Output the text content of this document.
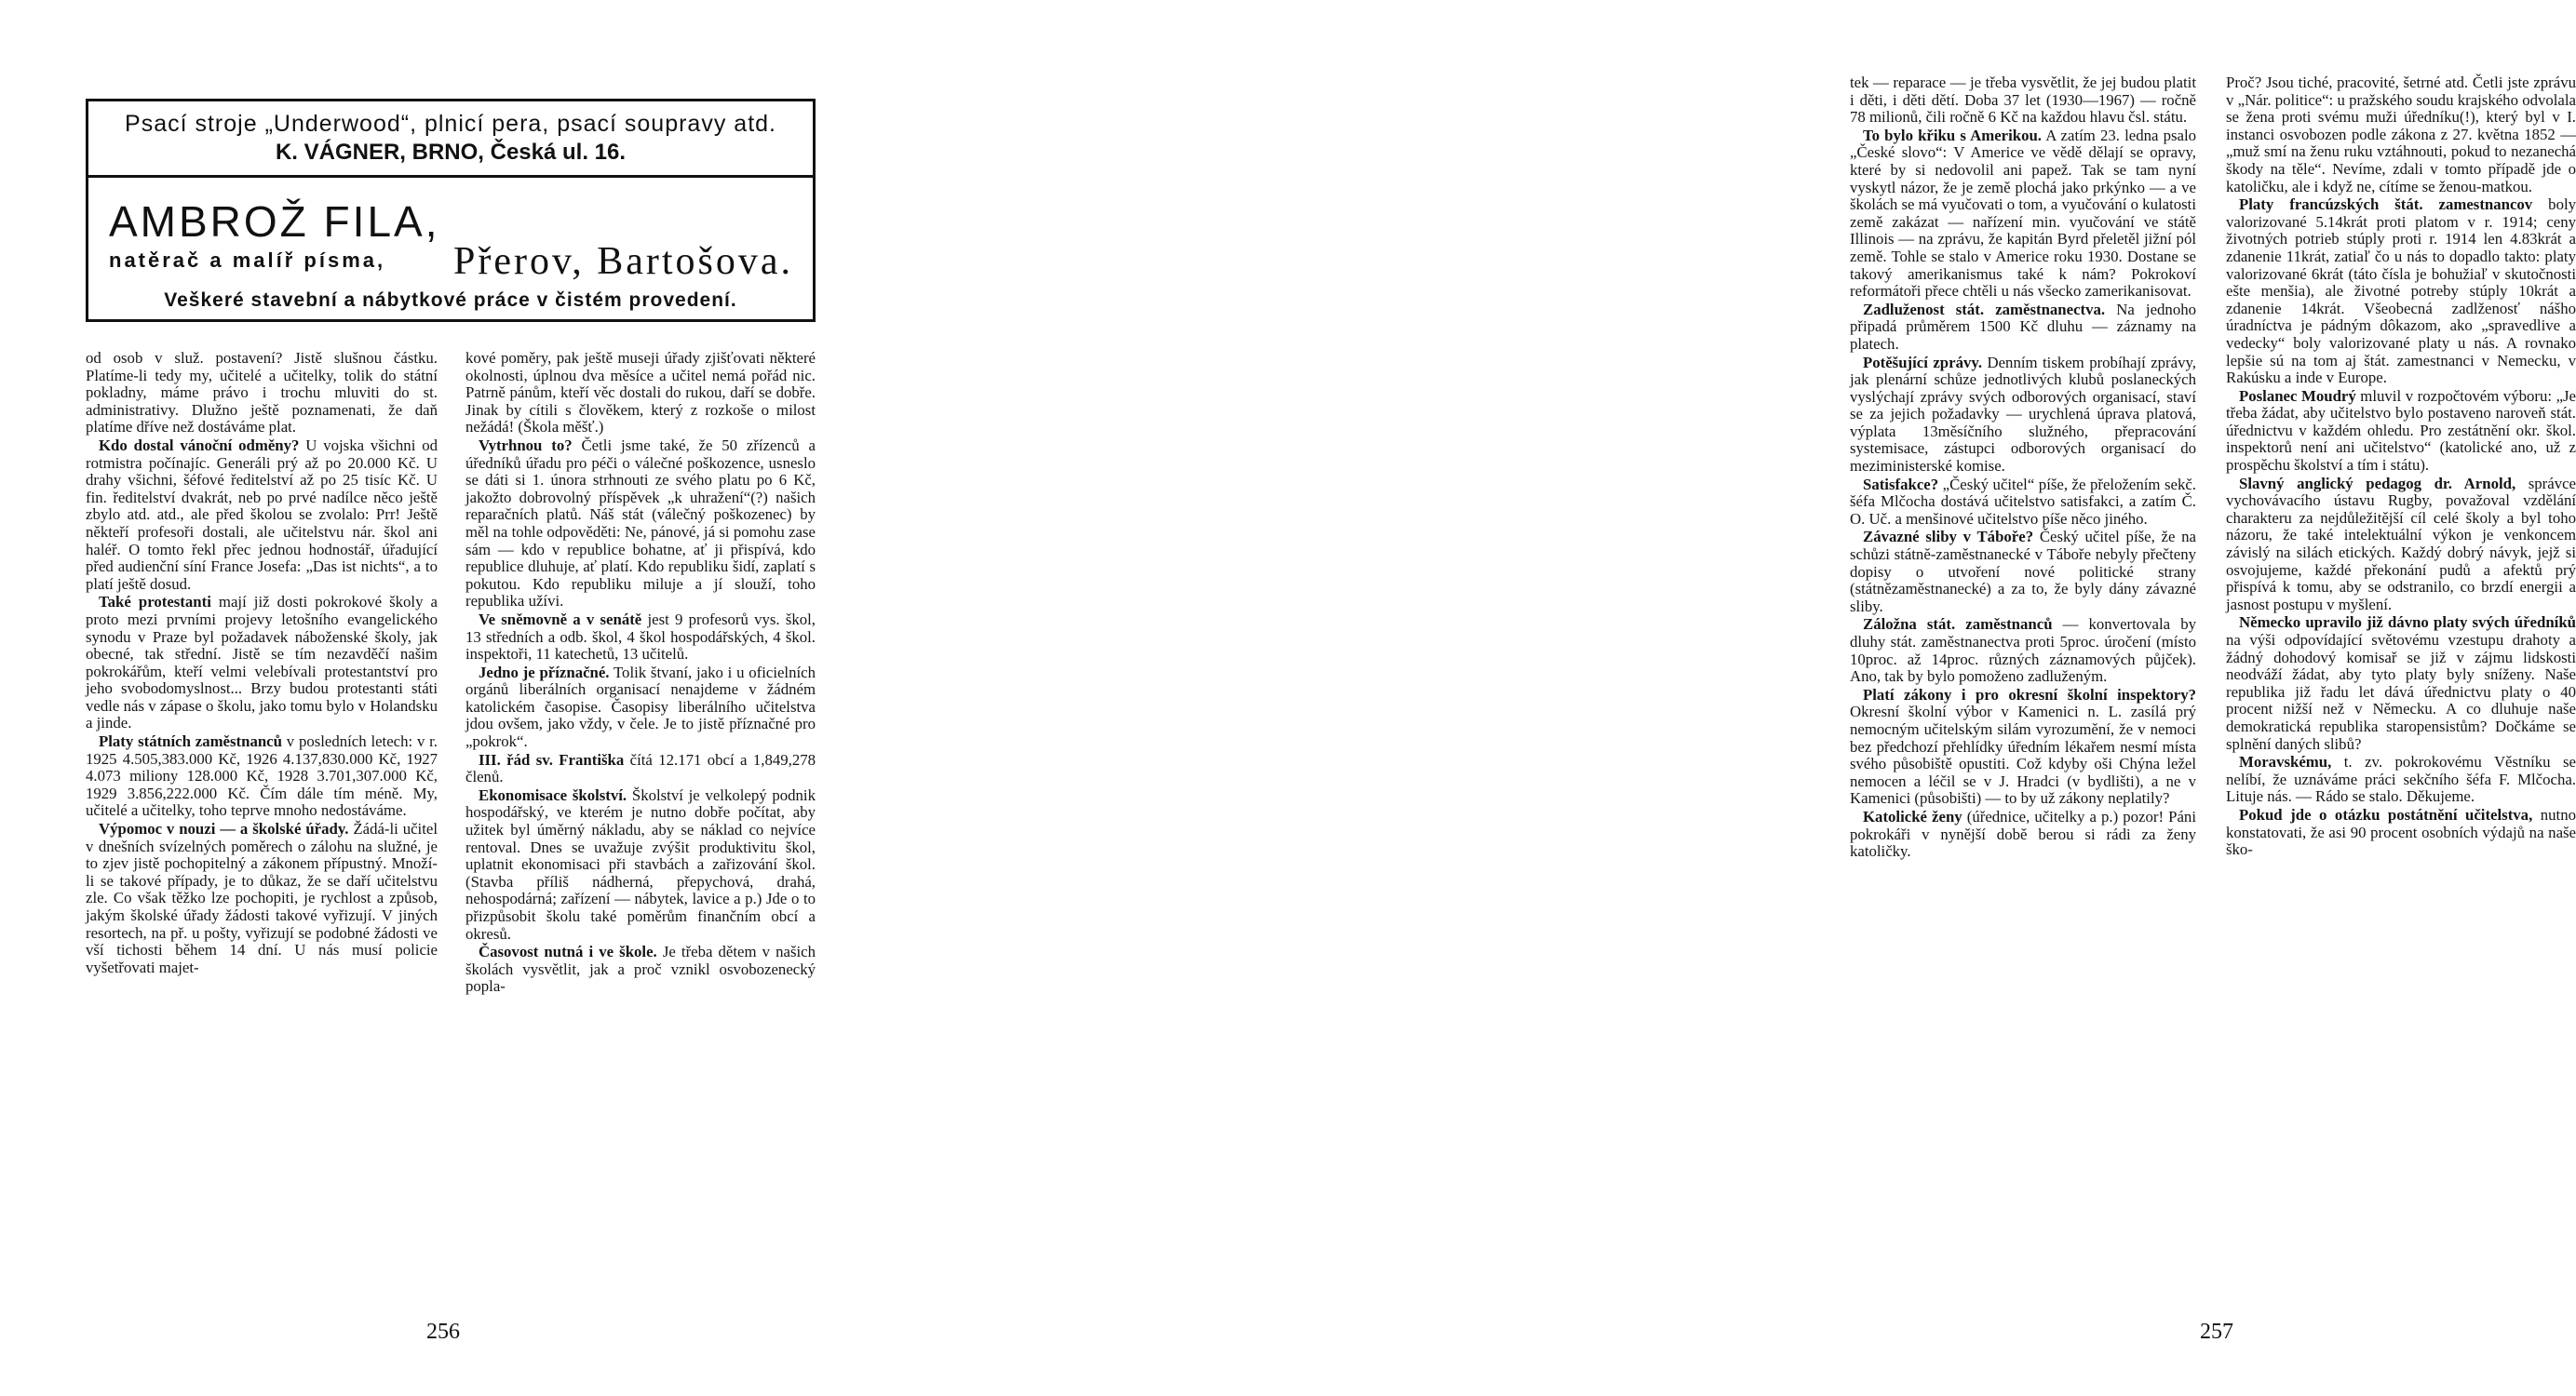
Psací stroje „Underwood“, plnicí pera, psací soupravy atd.
K. VÁGNER, BRNO, Česká ul. 16.
AMBROŽ FILA,
natěrač a malíř písma, Přerov, Bartošova.
Veškeré stavební a nábytkové práce v čistém provedení.

od osob v služ. postavení? Jistě slušnou částku. Platíme-li tedy my, učitelé a učitelky, tolik do státní pokladny, máme právo i trochu mluviti do st. administrativy. Dlužno ještě poznamenati, že daň platíme dříve než dostáváme plat.

Kdo dostal vánoční odměny? U vojska všichni od rotmistra počínajíc. Generáli prý až po 20.000 Kč. U drahy všichni, šéfové ředitelství až po 25 tisíc Kč. U fin. ředitelství dvakrát, neb po prvé nadílce něco ještě zbylo atd. atd., ale před školou se zvolalo: Prr! Ještě někteří profesoři dostali, ale učitelstvu nár. škol ani haléř. O tomto řekl přec jednou hodnostář, úřadující před audienční síní France Josefa: „Das ist nichts“, a to platí ještě dosud.

Také protestanti mají již dosti pokrokové školy a proto mezi prvními projevy letošního evangelického synodu v Praze byl požadavek náboženské školy, jak obecné, tak střední. Jistě se tím nezavděčí našim pokrokářům, kteří velmi velebívali protestantství pro jeho svobodomyslnost... Brzy budou protestanti státi vedle nás v zápase o školu, jako tomu bylo v Holandsku a jinde.

Platy státních zaměstnanců v posledních letech: v r. 1925 4.505,383.000 Kč, 1926 4.137,830.000 Kč, 1927 4.073 miliony 128.000 Kč, 1928 3.701,307.000 Kč, 1929 3.856,222.000 Kč. Čím dále tím méně. My, učitelé a učitelky, toho teprve mnoho nedostáváme.

Výpomoc v nouzi — a školské úřady. Žádá-li učitel v dnešních svízelných poměrech o zálohu na služné, je to zjev jistě pochopitelný a zákonem přípustný. Množí-li se takové případy, je to důkaz, že se daří učitelstvu zle. Co však těžko lze pochopiti, je rychlost a způsob, jakým školské úřady žádosti takové vyřizují. V jiných resortech, na př. u pošty, vyřizují se podobné žádosti ve vší tichosti během 14 dní. U nás musí policie vyšetřovati majet-

kové poměry, pak ještě museji úřady zjišťovati některé okolnosti, úplnou dva měsíce a učitel nemá pořád nic. Patrně pánům, kteří věc dostali do rukou, daří se dobře. Jinak by cítili s člověkem, který z rozkoše o milost nežádá! (Škola měšť.)

Vytrhnou to? Četli jsme také, že 50 zřízenců a úředníků úřadu pro péči o válečné poškozence, usneslo se dáti si 1. února strhnouti ze svého platu po 6 Kč, jakožto dobrovolný příspěvek „k uhražení“(?) našich reparačních platů. Náš stát (válečný poškozenec) by měl na tohle odpověděti: Ne, pánové, já si pomohu zase sám — kdo v republice bohatne, ať ji přispívá, kdo republice dluhuje, ať platí. Kdo republiku šidí, zaplatí s pokutou. Kdo republiku miluje a jí slouží, toho republika užívi.

Ve sněmovně a v senátě jest 9 profesorů vys. škol, 13 středních a odb. škol, 4 škol hospodářských, 4 škol. inspektoři, 11 katechetů, 13 učitelů.

Jedno je příznačné. Tolik štvaní, jako i u oficielních orgánů liberálních organisací nenajdeme v žádném katolickém časopise. Časopisy liberálního učitelstva jdou ovšem, jako vždy, v čele. Je to jistě příznačné pro „pokrok“.

III. řád sv. Františka čítá 12.171 obcí a 1,849,278 členů.

Ekonomisace školství. Školství je velkolepý podnik hospodářský, ve kterém je nutno dobře počítat, aby užitek byl úměrný nákladu, aby se náklad co nejvíce rentoval. Dnes se uvažuje zvýšit produktivitu škol, uplatnit ekonomisaci při stavbách a zařizování škol. (Stavba příliš nádherná, přepychová, drahá, nehospodárná; zařízení — nábytek, lavice a p.) Jde o to přizpůsobit školu také poměrům finančním obcí a okresů.

Časovost nutná i ve škole. Je třeba dětem v našich školách vysvětlit, jak a proč vznikl osvobozenecký popla-

256

tek — reparace — je třeba vysvětlit, že jej budou platit i děti, i děti dětí. Doba 37 let (1930—1967) — ročně 78 milionů, čili ročně 6 Kč na každou hlavu čsl. státu.

To bylo křiku s Amerikou. A zatím 23. ledna psalo „České slovo“: V Americe ve vědě dělají se opravy, které by si nedovolil ani papež. Tak se tam nyní vyskytl názor, že je země plochá jako prkýnko — a ve školách se má vyučovati o tom, a vyučování o kulatosti země zakázat — nařízení min. vyučování ve státě Illinois — na zprávu, že kapitán Byrd přeletěl jižní pól země. Tohle se stalo v Americe roku 1930. Dostane se takový amerikanismus také k nám? Pokrokoví reformátoři přece chtěli u nás všecko zamerikanisovat.

Zadluženost stát. zaměstnanectva. Na jednoho připadá průměrem 1500 Kč dluhu — záznamy na platech.

Potěšující zprávy. Denním tiskem probíhají zprávy, jak plenární schůze jednotlivých klubů poslaneckých vyslýchají zprávy svých odborových organisací, staví se za jejich požadavky — urychlená úprava platová, výplata 13měsíčního služného, přepracování systemisace, zástupci odborových organisací do meziministerské komise.

Satisfakce? „Český učitel“ píše, že přeložením sekč. šéfa Mlčocha dostává učitelstvo satisfakci, a zatím Č. O. Uč. a menšinové učitelstvo píše něco jiného.

Závazné sliby v Táboře? Český učitel píše, že na schůzi státně-zaměstnanecké v Táboře nebyly přečteny dopisy o utvoření nové politické strany (státnězaměstnanecké) a za to, že byly dány závazné sliby.

Záložna stát. zaměstnanců — konvertovala by dluhy stát. zaměstnanectva proti 5proc. úročení (místo 10proc. až 14proc. různých záznamových půjček). Ano, tak by bylo pomoženo zadluženým.

Platí zákony i pro okresní školní inspektory? Okresní školní výbor v Kamenici n. L. zasílá prý nemocným učitelským silám vyrozumění, že v nemoci bez předchozí přehlídky úředním lékařem nesmí místa svého působiště opustiti. Což kdyby oši Chýna ležel nemocen a léčil se v J. Hradci (v bydlišti), a ne v Kamenici (působišti) — to by už zákony neplatily?

Katolické ženy (úřednice, učitelky a p.) pozor! Páni pokrokáři v nynější době berou si rádi za ženy katoličky.

Proč? Jsou tiché, pracovité, šetrné atd. Četli jste zprávu v „Nár. politice“: u pražského soudu krajského odvolala se žena proti svému muži úředníku(!), který byl v I. instanci osvobozen podle zákona z 27. května 1852 — „muž smí na ženu ruku vztáhnouti, pokud to nezanechá škody na těle“. Nevíme, zdali v tomto případě jde o katoličku, ale i když ne, cítíme se ženou-matkou.

Platy francúzských štát. zamestnancov boly valorizované 5.14krát proti platom v r. 1914; ceny životných potrieb stúply proti r. 1914 len 4.83krát a zdanenie 11krát, zatiaľ čo u nás to dopadlo takto: platy valorizované 6krát (táto čísla je bohužiaľ v skutočnosti ešte menšia), ale životné potreby stúply 10krát a zdanenie 14krát. Všeobecná zadlženosť nášho úradníctva je pádným dôkazom, ako „spravedlive a vedecky“ boly valorizované platy u nás. A rovnako lepšie sú na tom aj štát. zamestnanci v Nemecku, v Rakúsku a inde v Europe.

Poslanec Moudrý mluvil v rozpočtovém výboru: „Je třeba žádat, aby učitelstvo bylo postaveno naroveň stát. úřednictvu v každém ohledu. Pro zestátnění okr. škol. inspektorů není ani učitelstvo“ (katolické ano, už z prospěchu školství a tím i státu).

Slavný anglický pedagog dr. Arnold, správce vychovávacího ústavu Rugby, považoval vzdělání charakteru za nejdůležitější cíl celé školy a byl toho názoru, že také intelektuální výkon je venkoncem závislý na silách etických. Každý dobrý návyk, jejž si osvojujeme, každé překonání pudů a afektů prý přispívá k tomu, aby se odstranilo, co brzdí energii a jasnost postupu v myšlení.

Německo upravilo již dávno platy svých úředníků na výši odpovídající světovému vzestupu drahoty a žádný dohodový komisař se již v zájmu lidskosti neodváží žádat, aby tyto platy byly sníženy. Naše republika již řadu let dává úřednictvu platy o 40 procent nižší než v Německu. A co dluhuje naše demokratická republika staropensistům? Dočkáme se splnění daných slibů?

Moravskému, t. zv. pokrokovému Věstníku se nelíbí, že uznáváme práci sekčního šéfa F. Mlčocha. Lituje nás. — Rádo se stalo. Děkujeme.

Pokud jde o otázku postátnění učitelstva, nutno konstatovati, že asi 90 procent osobních výdajů na naše ško-

257
